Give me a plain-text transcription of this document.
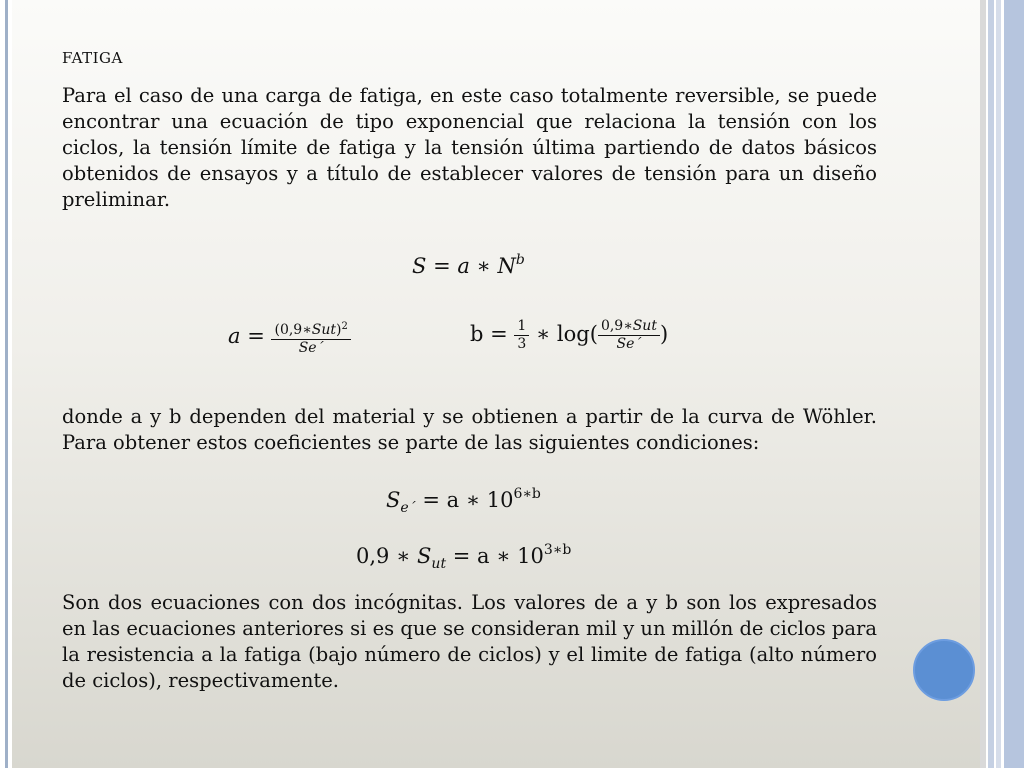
FATIGA

Para el caso de una carga de fatiga, en este caso totalmente reversible, se puede encontrar una ecuación de tipo exponencial que relaciona la tensión con los ciclos, la tensión límite de fatiga y la tensión última partiendo de datos básicos obtenidos de ensayos y a título de establecer valores de tensión para un diseño preliminar.

S = a ∗ $N^b$
$a = \frac{(0,9∗Sut)^2}{Se´}$	$b = \frac{1}{3}$ ∗ $\log( \frac{\text{0,9∗Sut}}{Se´}$ )

donde a y b dependen del material y se obtienen a partir de la curva de Wöhler. Para obtener estos coeficientes se parte de las siguientes condiciones:

$S_{e´} = a$ ∗ $10^{6∗b}$
0,9 ∗ $S_{ut} = a$ ∗ $10^{3∗b}$

Son dos ecuaciones con dos incógnitas. Los valores de a y b son los expresados en las ecuaciones anteriores si es que se consideran mil y un millón de ciclos para la resistencia a la fatiga (bajo número de ciclos) y el limite de fatiga (alto número de ciclos), respectivamente.
